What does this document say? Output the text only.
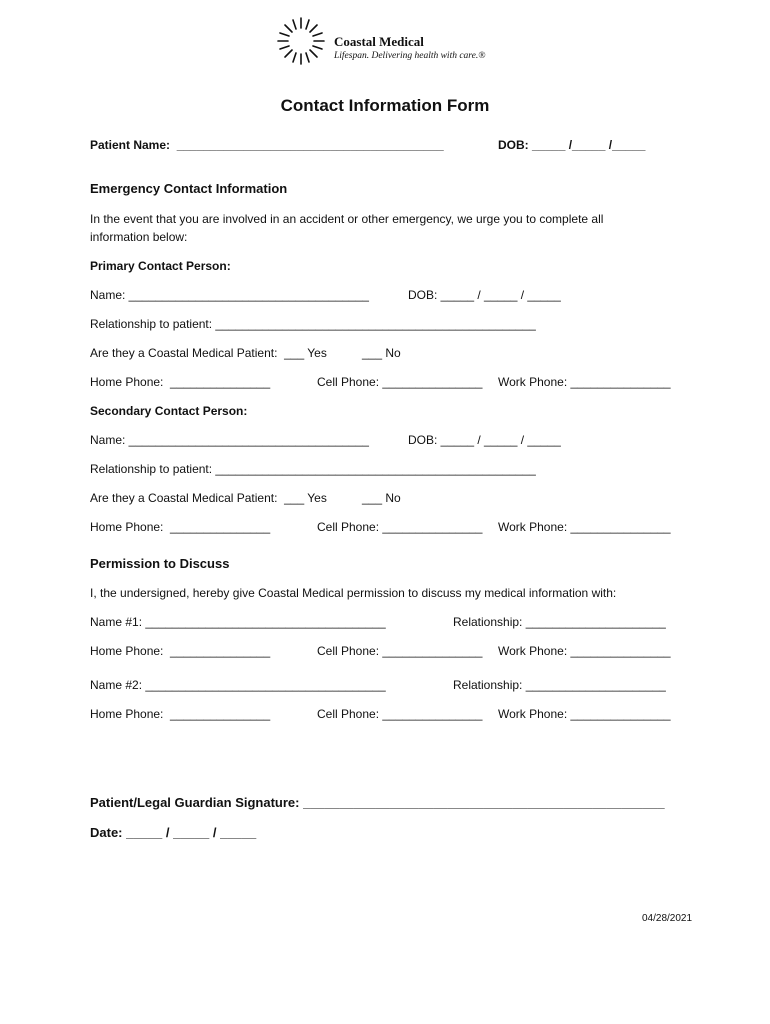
Coastal Medical

Lifespan. Delivering health with care.®

Contact Information Form
Patient Name:  ________________________________________	DOB: _____ /_____ /_____
Emergency Contact Information
In the event that you are involved in an accident or other emergency, we urge you to complete all
information below:
Primary Contact Person:
Name: ____________________________________	DOB: _____ / _____ / _____
Relationship to patient: ________________________________________________
Are they a Coastal Medical Patient:  ___ Yes	___ No
Home Phone:  _______________	Cell Phone: _______________ Work Phone: _______________
Secondary Contact Person:
Name: ____________________________________	DOB: _____ / _____ / _____
Relationship to patient: ________________________________________________
Are they a Coastal Medical Patient:  ___ Yes	___ No
Home Phone:  _______________	Cell Phone: _______________ Work Phone: _______________
Permission to Discuss
I, the undersigned, hereby give Coastal Medical permission to discuss my medical information with:
Name #1: ____________________________________	Relationship: _____________________
Home Phone:  _______________	Cell Phone: _______________ Work Phone: _______________
Name #2: ____________________________________	Relationship: _____________________
Home Phone:  _______________	Cell Phone: _______________ Work Phone: _______________
Patient/Legal Guardian Signature: __________________________________________________
Date: _____ / _____ / _____
04/28/2021
